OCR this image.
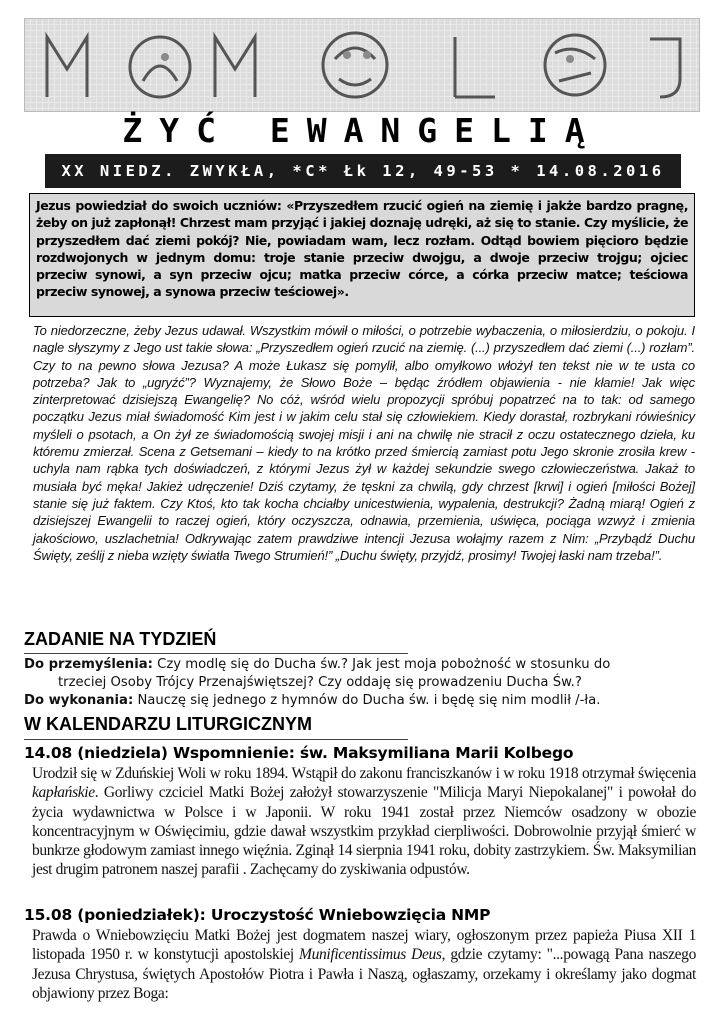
ŻYĆ EWANGELIĄ
XX NIEDZ. ZWYKŁA, *C* Łk 12, 49-53 * 14.08.2016
Jezus powiedział do swoich uczniów: «Przyszedłem rzucić ogień na ziemię i jakże bardzo pragnę, żeby on już zapłonął! Chrzest mam przyjąć i jakiej doznaję udręki, aż się to stanie. Czy myślicie, że przyszedłem dać ziemi pokój? Nie, powiadam wam, lecz rozłam. Odtąd bowiem pięcioro będzie rozdwojonych w jednym domu: troje stanie przeciw dwojgu, a dwoje przeciw trojgu; ojciec przeciw synowi, a syn przeciw ojcu; matka przeciw córce, a córka przeciw matce; teściowa przeciw synowej, a synowa przeciw teściowej».
To niedorzeczne, żeby Jezus udawał. Wszystkim mówił o miłości, o potrzebie wybaczenia, o miłosierdziu, o pokoju. I nagle słyszymy z Jego ust takie słowa: „Przyszedłem ogień rzucić na ziemię. (...) przyszedłem dać ziemi (...) rozłam”. Czy to na pewno słowa Jezusa? A może Łukasz się pomylił, albo omyłkowo włożył ten tekst nie w te usta co potrzeba? Jak to „ugryźć”? Wyznajemy, że Słowo Boże – będąc źródłem objawienia - nie kłamie! Jak więc zinterpretować dzisiejszą Ewangelię? No cóż, wśród wielu propozycji spróbuj popatrzeć na to tak: od samego początku Jezus miał świadomość Kim jest i w jakim celu stał się człowiekiem. Kiedy dorastał, rozbrykani rówieśnicy myśleli o psotach, a On żył ze świadomością swojej misji i ani na chwilę nie stracił z oczu ostatecznego dzieła, ku któremu zmierzał. Scena z Getsemani – kiedy to na krótko przed śmiercią zamiast potu Jego skronie zrosiła krew - uchyla nam rąbka tych doświadczeń, z którymi Jezus żył w każdej sekundzie swego człowieczeństwa. Jakaż to musiała być męka! Jakież udręczenie! Dziś czytamy, że tęskni za chwilą, gdy chrzest [krwi] i ogień [miłości Bożej] stanie się już faktem. Czy Ktoś, kto tak kocha chciałby unicestwienia, wypalenia, destrukcji? Żadną miarą! Ogień z dzisiejszej Ewangelii to raczej ogień, który oczyszcza, odnawia, przemienia, uświęca, pociąga wzwyż i zmienia jakościowo, uszlachetnia! Odkrywając zatem prawdziwe intencji Jezusa wołajmy razem z Nim: „Przybądź Duchu Święty, ześlij z nieba wzięty światła Twego Strumień!” „Duchu święty, przyjdź, prosimy! Twojej łaski nam trzeba!”.
ZADANIE NA TYDZIEŃ
Do przemyślenia: Czy modlę się do Ducha św.? Jak jest moja pobożność w stosunku do
trzeciej Osoby Trójcy Przenajświętszej? Czy oddaję się prowadzeniu Ducha Św.?
Do wykonania: Nauczę się jednego z hymnów do Ducha św. i będę się nim modlił /-ła.
W KALENDARZU LITURGICZNYM
14.08 (niedziela) Wspomnienie: św. Maksymiliana Marii Kolbego
Urodził się w Zduńskiej Woli w roku 1894. Wstąpił do zakonu franciszkanów i w roku 1918 otrzymał święcenia kapłańskie. Gorliwy czciciel Matki Bożej założył stowarzyszenie "Milicja Maryi Niepokalanej" i powołał do życia wydawnictwa w Polsce i w Japonii. W roku 1941 został przez Niemców osadzony w obozie koncentracyjnym w Oświęcimiu, gdzie dawał wszystkim przykład cierpliwości. Dobrowolnie przyjął śmierć w bunkrze głodowym zamiast innego więźnia. Zginął 14 sierpnia 1941 roku, dobity zastrzykiem. Św. Maksymilian jest drugim patronem naszej parafii . Zachęcamy do zyskiwania odpustów.
15.08 (poniedziałek): Uroczystość Wniebowzięcia NMP
Prawda o Wniebowzięciu Matki Bożej jest dogmatem naszej wiary, ogłoszonym przez papieża Piusa XII 1 listopada 1950 r. w konstytucji apostolskiej Munificentissimus Deus, gdzie czytamy: "...powagą Pana naszego Jezusa Chrystusa, świętych Apostołów Piotra i Pawła i Naszą, ogłaszamy, orzekamy i określamy jako dogmat objawiony przez Boga:
